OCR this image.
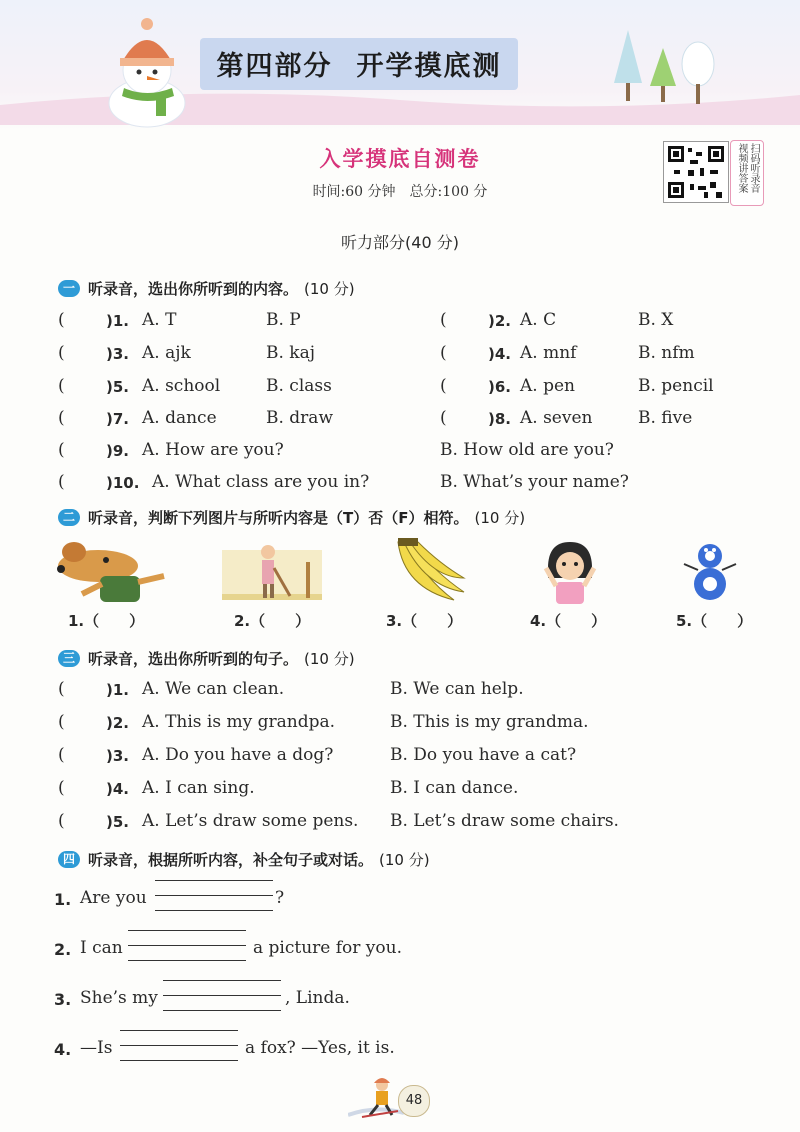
第四部分 开学摸底测
入学摸底自测卷
时间:60 分钟 总分:100 分	扫码听录音
视频讲答案
听力部分(40 分)
一 听录音，选出你所听到的内容。 (10 分)
(	)1. A. T	B. P	(	)2. A. C	B. X
(	)3. A. ajk	B. kaj	(	)4. A. mnf	B. nfm
(	)5. A. school	B. class	(	)6. A. pen	B. pencil
(	)7. A. dance	B. draw	(	)8. A. seven	B. five
(	)9. A. How are you?	B. How old are you?
(	)10. A. What class are you in?	B. What’s your name?
二 听录音，判断下列图片与所听内容是（T）否（F）相符。 (10 分)
1.（　　）	2.（　　）	3.（　　）	4.（　　）	5.（　　）
三 听录音，选出你所听到的句子。 (10 分)
(	)1. A. We can clean.	B. We can help.
(	)2. A. This is my grandpa.	B. This is my grandma.
(	)3. A. Do you have a dog?	B. Do you have a cat?
(	)4. A. I can sing.	B. I can dance.
(	)5. A. Let’s draw some pens. B. Let’s draw some chairs.
四 听录音，根据所听内容，补全句子或对话。 (10 分)
1. Are you	?
2. I can	a picture for you.
3. She’s my	, Linda.
4. —Is	a fox? —Yes, it is.
48
